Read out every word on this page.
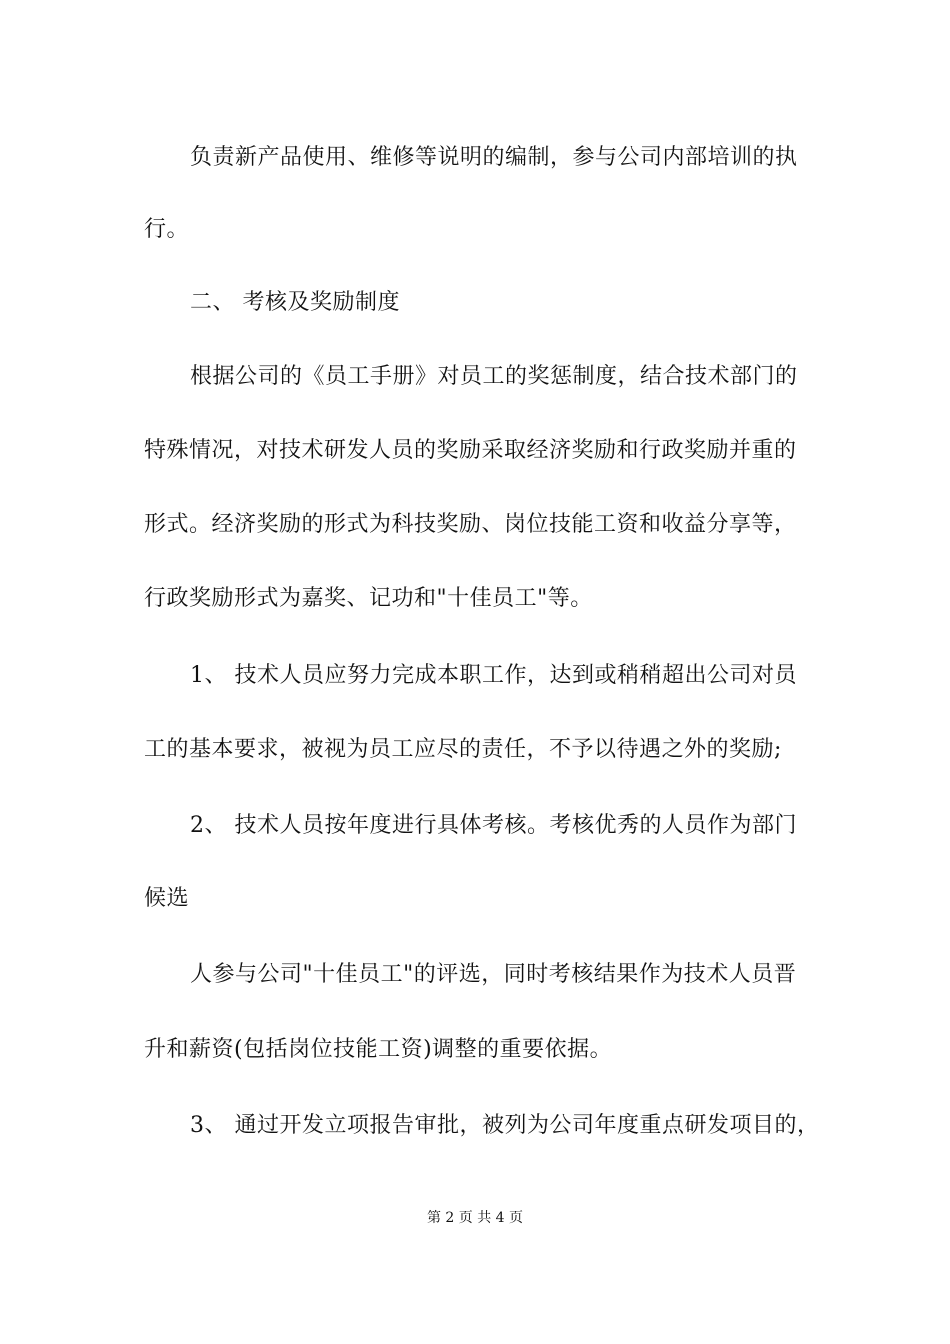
负责新产品使用、维修等说明的编制，参与公司内部培训的执
行。
二、 考核及奖励制度
根据公司的《员工手册》对员工的奖惩制度，结合技术部门的
特殊情况，对技术研发人员的奖励采取经济奖励和行政奖励并重的
形式。经济奖励的形式为科技奖励、岗位技能工资和收益分享等，
行政奖励形式为嘉奖、记功和"十佳员工"等。
1、 技术人员应努力完成本职工作，达到或稍稍超出公司对员
工的基本要求，被视为员工应尽的责任，不予以待遇之外的奖励;
2、 技术人员按年度进行具体考核。考核优秀的人员作为部门
候选
人参与公司"十佳员工"的评选，同时考核结果作为技术人员晋
升和薪资(包括岗位技能工资)调整的重要依据。
3、 通过开发立项报告审批，被列为公司年度重点研发项目的，
第 2 页 共 4 页
